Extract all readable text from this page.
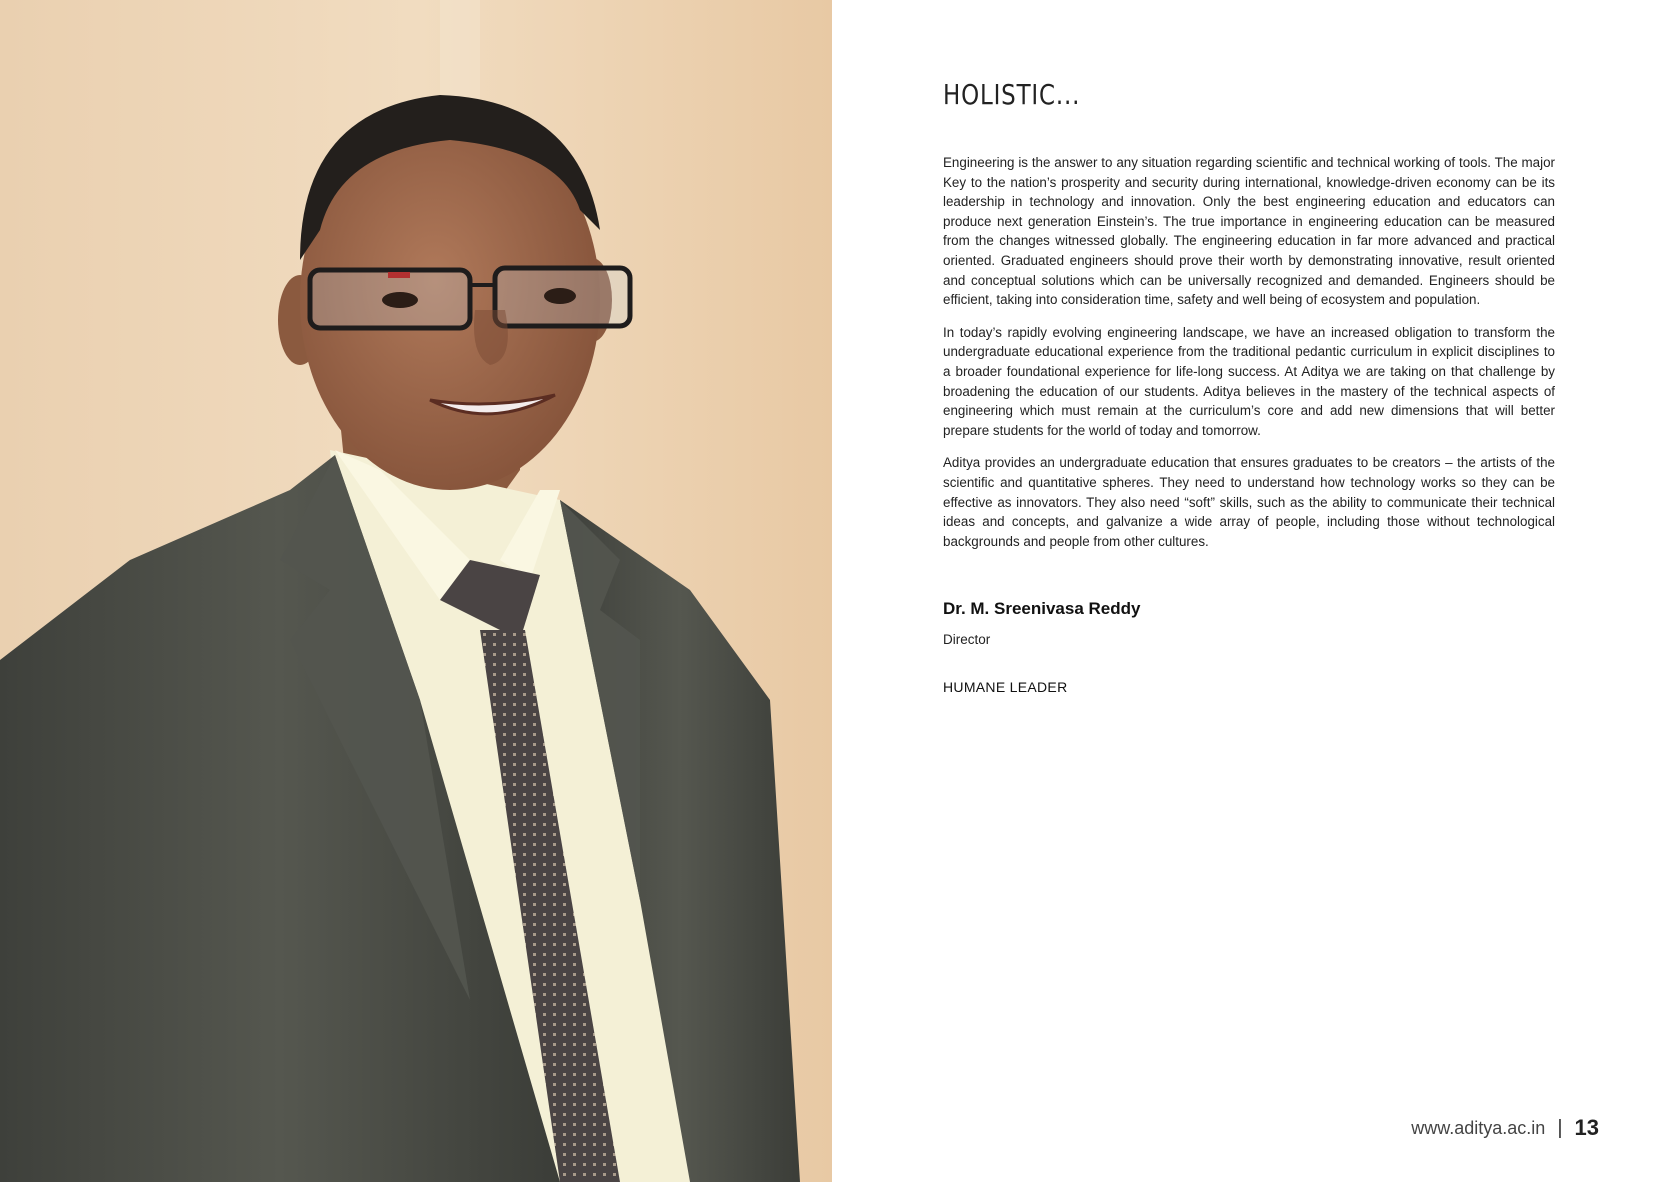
HOLISTIC...

Engineering is the answer to any situation regarding scientific and technical working of tools. The major Key to the nation’s prosperity and security during international, knowledge-driven economy can be its leadership in technology and innovation. Only the best engineering education and educators can produce next generation Einstein’s. The true importance in engineering education can be measured from the changes witnessed globally. The engineering education in far more advanced and practical oriented. Graduated engineers should prove their worth by demonstrating innovative, result oriented and conceptual solutions which can be universally recognized and demanded. Engineers should be efficient, taking into consideration time, safety and well being of ecosystem and population.

In today’s rapidly evolving engineering landscape, we have an increased obligation to transform the undergraduate educational experience from the traditional pedantic curriculum in explicit disciplines to a broader foundational experience for life-long success. At Aditya we are taking on that challenge by broadening the education of our students. Aditya believes in the mastery of the technical aspects of engineering which must remain at the curriculum’s core and add new dimensions that will better prepare students for the world of today and tomorrow.

Aditya provides an undergraduate education that ensures graduates to be creators – the artists of the scientific and quantitative spheres. They need to understand how technology works so they can be effective as innovators. They also need “soft” skills, such as the ability to communicate their technical ideas and concepts, and galvanize a wide array of people, including those without technological backgrounds and people from other cultures.

Dr. M. Sreenivasa Reddy
Director
HUMANE LEADER
www.aditya.ac.in | 13
